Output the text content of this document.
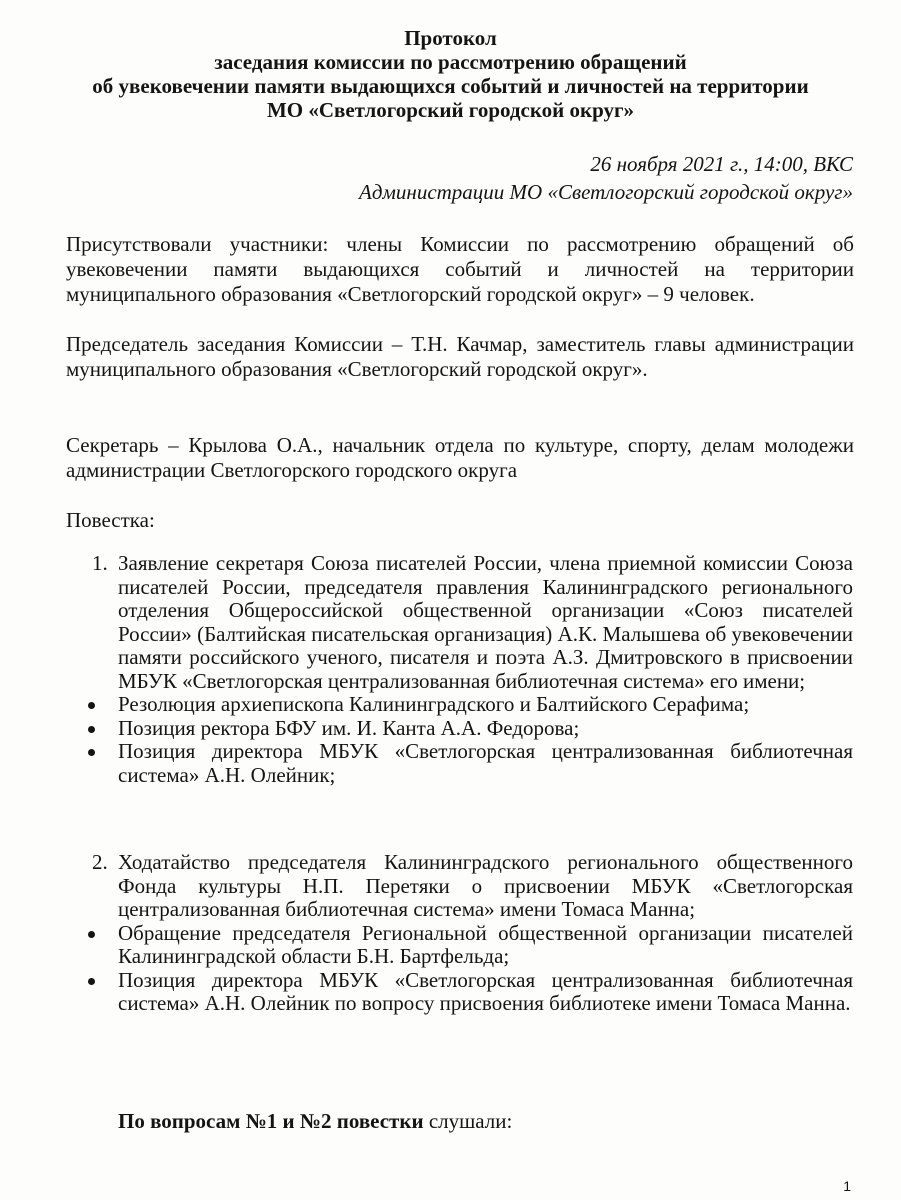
Протокол
заседания комиссии по рассмотрению обращений
об увековечении памяти выдающихся событий и личностей на территории
МО «Светлогорский городской округ»
26 ноября 2021 г., 14:00, ВКС
Администрации МО «Светлогорский городской округ»
Присутствовали участники: члены Комиссии по рассмотрению обращений об увековечении памяти выдающихся событий и личностей на территории муниципального образования «Светлогорский городской округ» – 9 человек.
Председатель заседания Комиссии – Т.Н. Качмар, заместитель главы администрации муниципального образования «Светлогорский городской округ».
Секретарь – Крылова О.А., начальник отдела по культуре, спорту, делам молодежи администрации Светлогорского городского округа
Повестка:
1. Заявление секретаря Союза писателей России, члена приемной комиссии Союза писателей России, председателя правления Калининградского регионального отделения Общероссийской общественной организации «Союз писателей России» (Балтийская писательская организация) А.К. Малышева об увековечении памяти российского ученого, писателя и поэта А.З. Дмитровского в присвоении МБУК «Светлогорская централизованная библиотечная система» его имени;
Резолюция архиепископа Калининградского и Балтийского Серафима;
Позиция ректора БФУ им. И. Канта А.А. Федорова;
Позиция директора МБУК «Светлогорская централизованная библиотечная система» А.Н. Олейник;
2. Ходатайство председателя Калининградского регионального общественного Фонда культуры Н.П. Перетяки о присвоении МБУК «Светлогорская централизованная библиотечная система» имени Томаса Манна;
Обращение председателя Региональной общественной организации писателей Калининградской области Б.Н. Бартфельда;
Позиция директора МБУК «Светлогорская централизованная библиотечная система» А.Н. Олейник по вопросу присвоения библиотеке имени Томаса Манна.
По вопросам №1 и №2 повестки слушали:
1
